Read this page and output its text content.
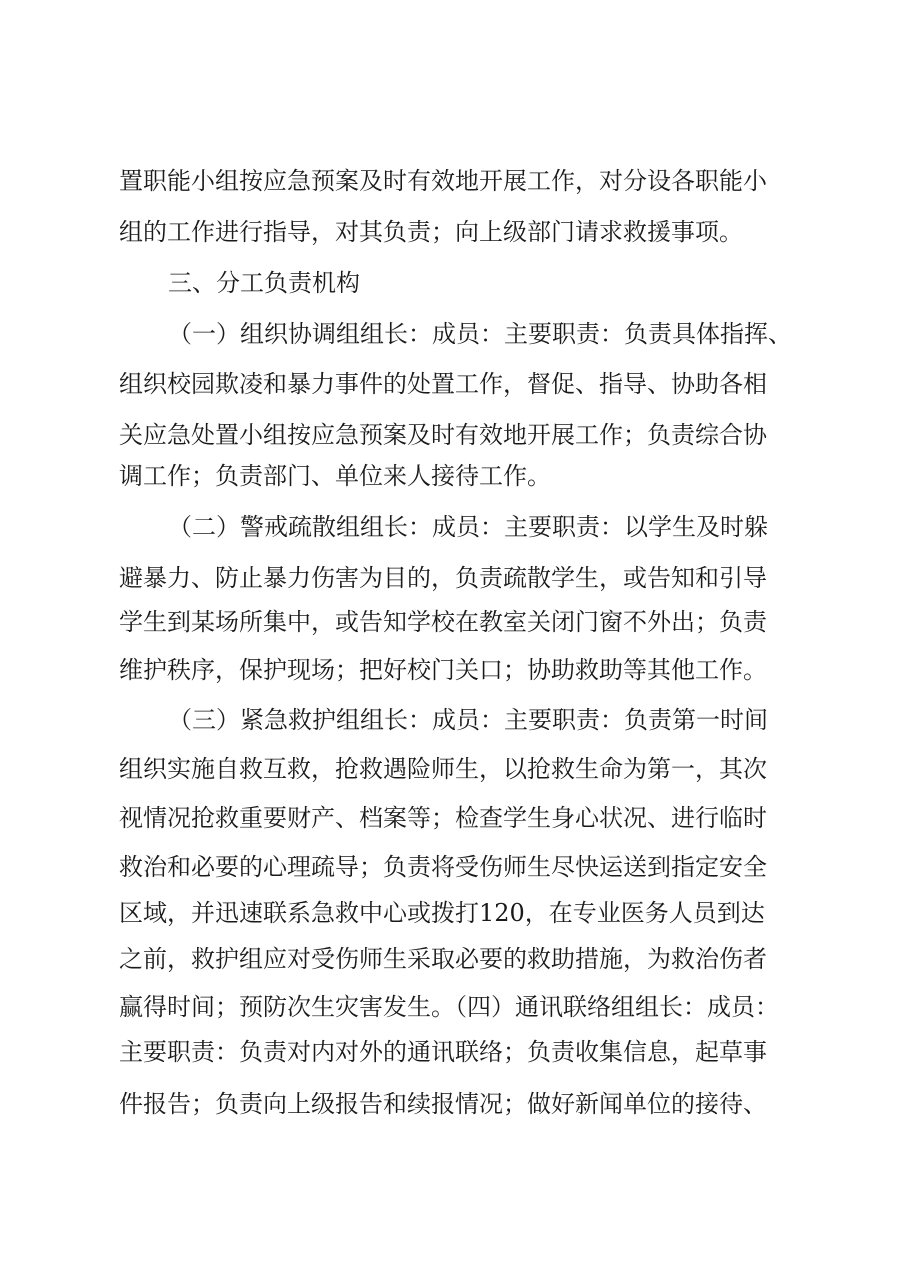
置职能小组按应急预案及时有效地开展工作，对分设各职能小
组的工作进行指导，对其负责；向上级部门请求救援事项。
三、分工负责机构
（一）组织协调组组长：成员：主要职责：负责具体指挥、
组织校园欺凌和暴力事件的处置工作，督促、指导、协助各相
关应急处置小组按应急预案及时有效地开展工作；负责综合协
调工作；负责部门、单位来人接待工作。
（二）警戒疏散组组长：成员：主要职责：以学生及时躲
避暴力、防止暴力伤害为目的，负责疏散学生，或告知和引导
学生到某场所集中，或告知学校在教室关闭门窗不外出；负责
维护秩序，保护现场；把好校门关口；协助救助等其他工作。
（三）紧急救护组组长：成员：主要职责：负责第一时间
组织实施自救互救，抢救遇险师生，以抢救生命为第一，其次
视情况抢救重要财产、档案等；检查学生身心状况、进行临时
救治和必要的心理疏导；负责将受伤师生尽快运送到指定安全
区域，并迅速联系急救中心或拨打120，在专业医务人员到达
之前，救护组应对受伤师生采取必要的救助措施，为救治伤者
赢得时间；预防次生灾害发生。（四）通讯联络组组长：成员：
主要职责：负责对内对外的通讯联络；负责收集信息，起草事
件报告；负责向上级报告和续报情况；做好新闻单位的接待、
